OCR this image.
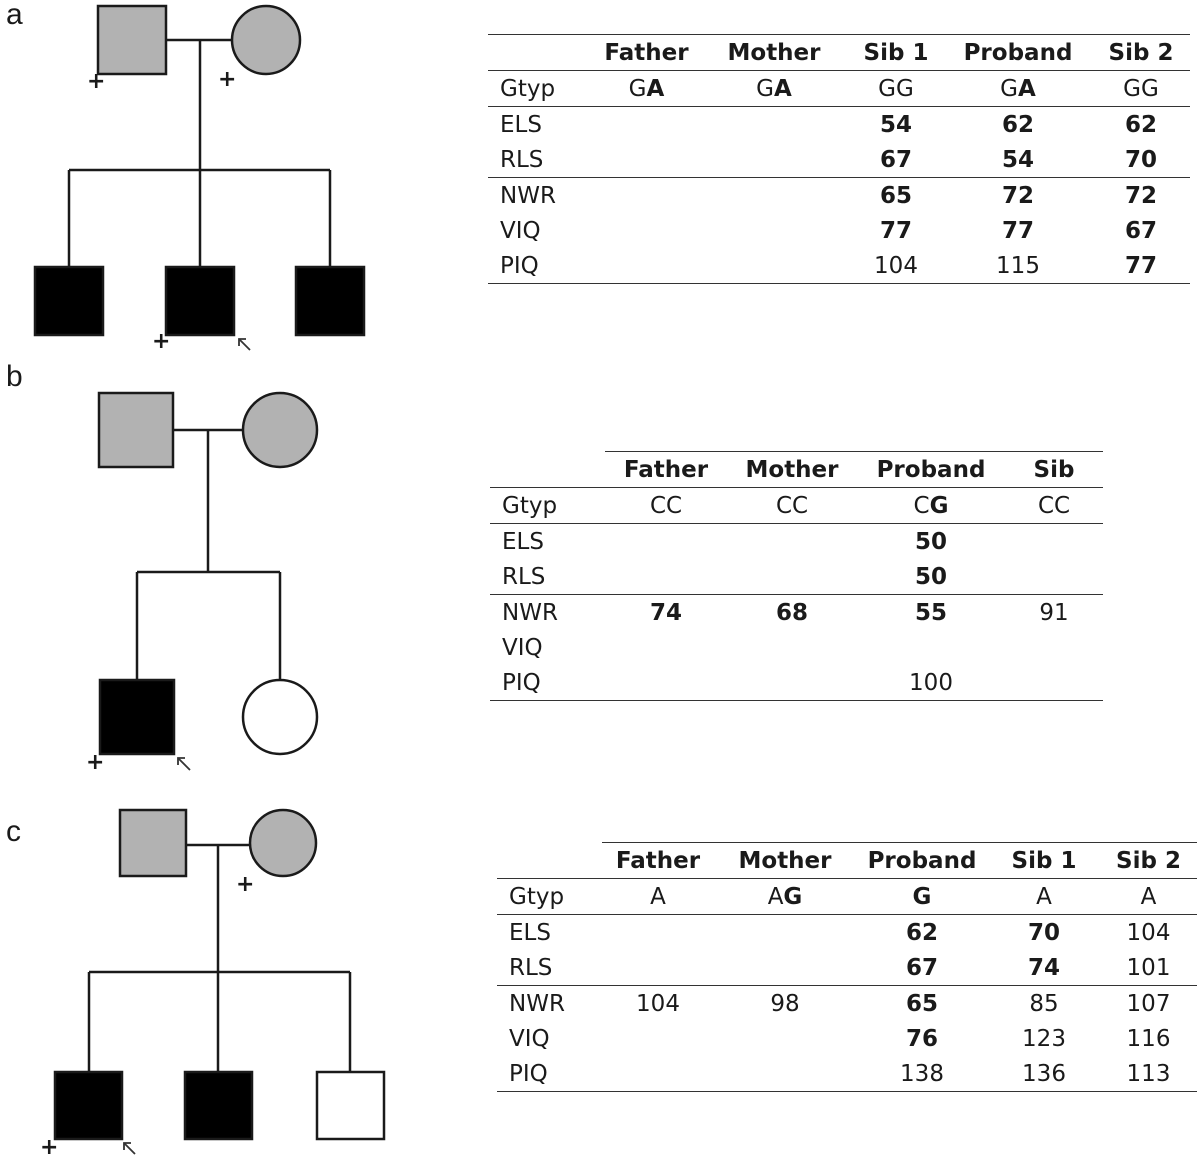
a
b
c
+	+
+
+
+
+
	Father	Mother	Sib 1	Proband	Sib 2
Gtyp	GA	GA	GG	GA	GG
ELS			54	62	62
RLS			67	54	70
NWR			65	72	72
VIQ			77	77	67
PIQ			104	115	77
	Father	Mother	Proband	Sib
Gtyp	CC	CC	CG	CC
ELS			50	
RLS			50	
NWR	74	68	55	91
VIQ				
PIQ			100	
	Father	Mother	Proband	Sib 1	Sib 2
Gtyp	A	AG	G	A	A
ELS			62	70	104
RLS			67	74	101
NWR	104	98	65	85	107
VIQ			76	123	116
PIQ			138	136	113
